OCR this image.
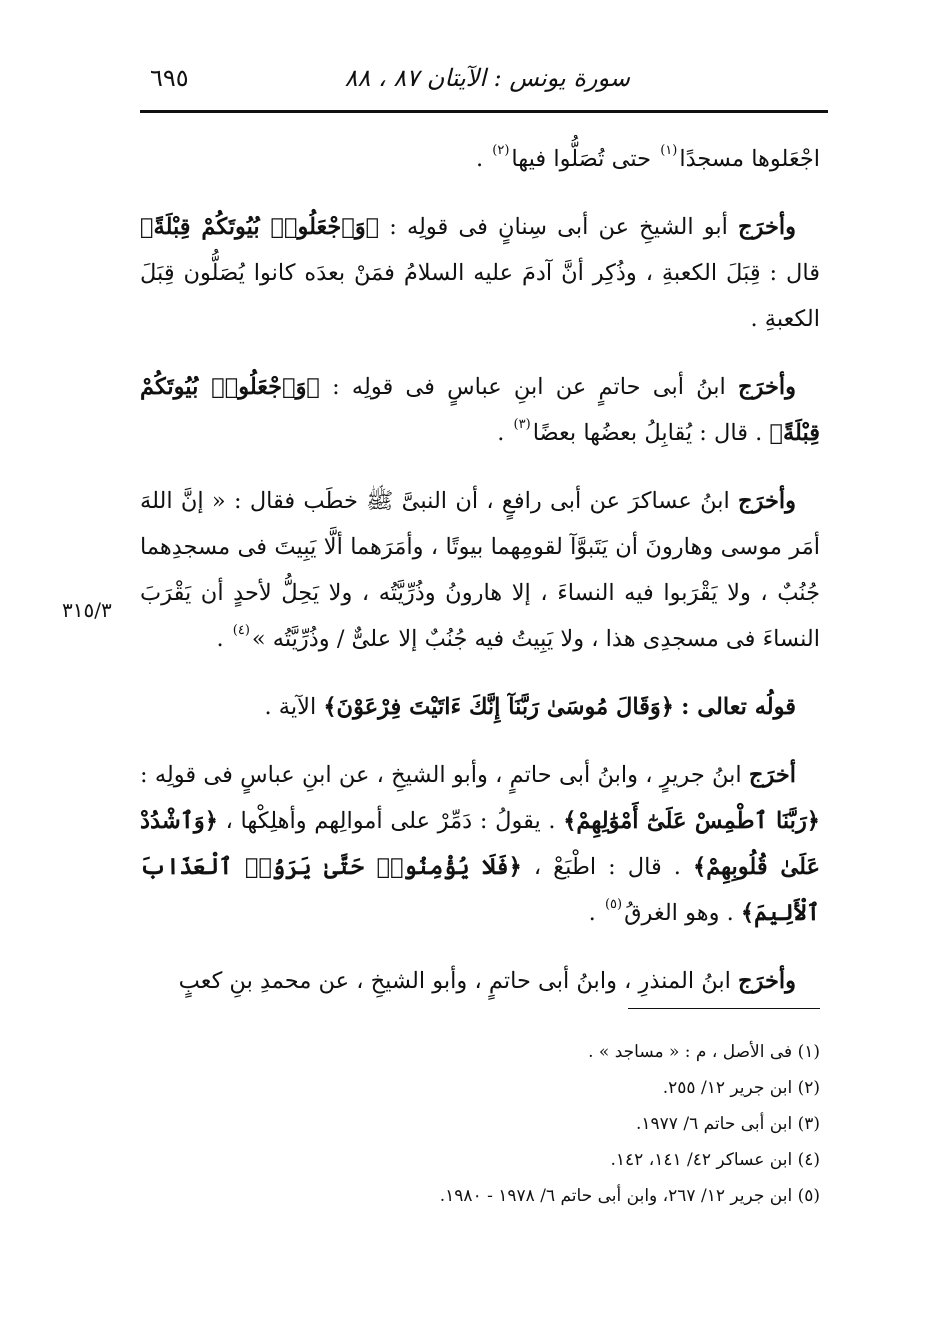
سورة يونس : الآيتان ٨٧ ، ٨٨
٦٩٥
٣١٥/٣

اجْعَلوها مسجدًا$^{(١)}$ حتى تُصَلُّوا فيها$^{(٢)}$ .

وأخرَج أبو الشيخِ عن أبى سِنانٍ فى قولِه : ﴿وَٱجْعَلُوا۟ بُيُوتَكُمْ قِبْلَةً﴾ قال : قِبَلَ الكعبةِ ، وذُكِر أنَّ آدمَ عليه السلامُ فمَنْ بعدَه كانوا يُصَلُّون قِبَلَ الكعبةِ .

وأخرَج ابنُ أبى حاتمٍ عن ابنِ عباسٍ فى قولِه : ﴿وَٱجْعَلُوا۟ بُيُوتَكُمْ قِبْلَةً﴾ . قال : يُقابِلُ بعضُها بعضًا$^{(٣)}$ .

وأخرَج ابنُ عساكرَ عن أبى رافعٍ ، أن النبىَّ ﷺ خطَب فقال : « إنَّ اللهَ أمَر موسى وهارونَ أن يَتَبوَّآ لقومِهما بيوتًا ، وأمَرَهما ألَّا يَبِيتَ فى مسجدِهما جُنُبٌ ، ولا يَقْرَبوا فيه النساءَ ، إلا هارونُ وذُرِّيَّتُه ، ولا يَحِلُّ لأحدٍ أن يَقْرَبَ النساءَ فى مسجدِى هذا ، ولا يَبِيتُ فيه جُنُبٌ إلا علىٌّ / وذُرِّيَّتُه »$^{(٤)}$ .

قولُه تعالى : ﴿وَقَالَ مُوسَىٰ رَبَّنَآ إِنَّكَ ءَاتَيْتَ فِرْعَوْنَ﴾ الآية .

أخرَج ابنُ جريرٍ ، وابنُ أبى حاتمٍ ، وأبو الشيخِ ، عن ابنِ عباسٍ فى قولِه : ﴿رَبَّنَا ٱطْمِسْ عَلَىٰٓ أَمْوَٰلِهِمْ﴾ . يقولُ : دَمِّرْ على أموالِهم وأهلِكْها ، ﴿وَٱشْدُدْ عَلَىٰ قُلُوبِهِمْ﴾ . قال : اطْبَعْ ، ﴿فَلَا يُؤْمِنُوا۟ حَتَّىٰ يَرَوُا۟ ٱلْعَذَابَ ٱلْأَلِيمَ﴾ . وهو الغرقُ$^{(٥)}$ .

وأخرَج ابنُ المنذرِ ، وابنُ أبى حاتمٍ ، وأبو الشيخِ ، عن محمدِ بنِ كعبٍ

(١) فى الأصل ، م : « مساجد » .

(٢) ابن جرير ١٢/ ٢٥٥.

(٣) ابن أبى حاتم ٦/ ١٩٧٧.

(٤) ابن عساكر ٤٢/ ١٤١، ١٤٢.

(٥) ابن جرير ١٢/ ٢٦٧، وابن أبى حاتم ٦/ ١٩٧٨ - ١٩٨٠.
